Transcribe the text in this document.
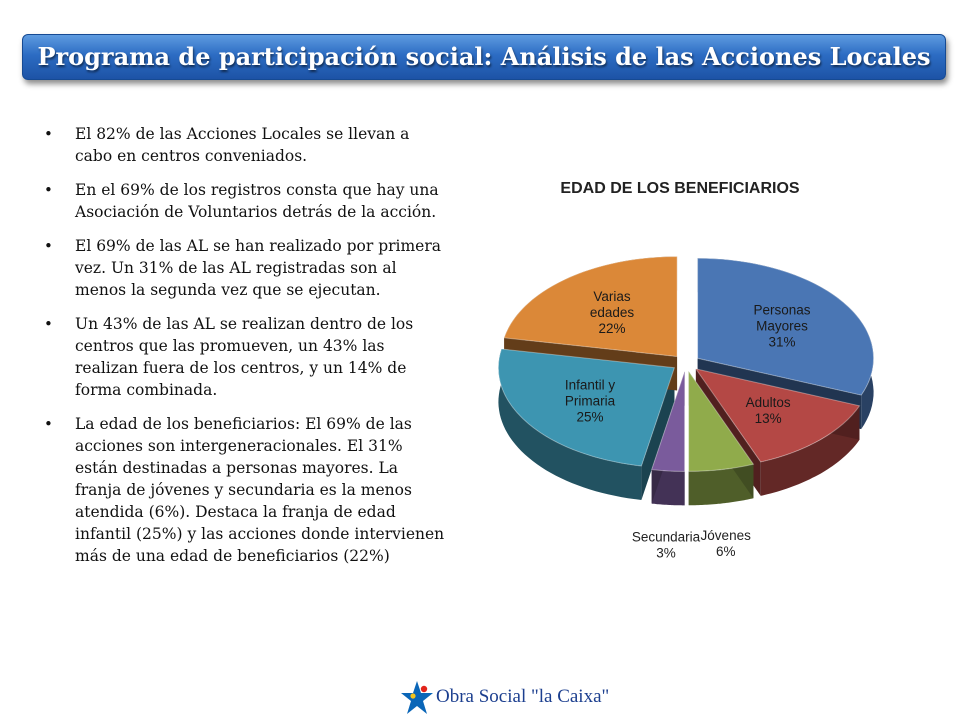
Programa de participación social: Análisis de las Acciones Locales
• El 82% de las Acciones Locales se llevan a cabo en centros conveniados.
• En el 69% de los registros consta que hay una Asociación de Voluntarios detrás de la acción.
• El 69% de las AL se han realizado por primera vez. Un 31% de las AL registradas son al menos la segunda vez que se ejecutan.
• Un 43% de las AL se realizan dentro de los centros que las promueven, un 43% las realizan fuera de los centros, y un 14% de forma combinada.
• La edad de los beneficiarios: El 69% de las acciones son intergeneracionales. El 31% están destinadas a personas mayores. La franja de jóvenes y secundaria es la menos atendida (6%). Destaca la franja de edad infantil (25%) y las acciones donde intervienen más de una edad de beneficiarios (22%)
EDAD DE LOS BENEFICIARIOS
Personas Mayores 31%
Adultos 13%
Jóvenes 6%
Secundaria 3%
Infantil y Primaria 25%
Varias edades 22%
Obra Social "la Caixa"
